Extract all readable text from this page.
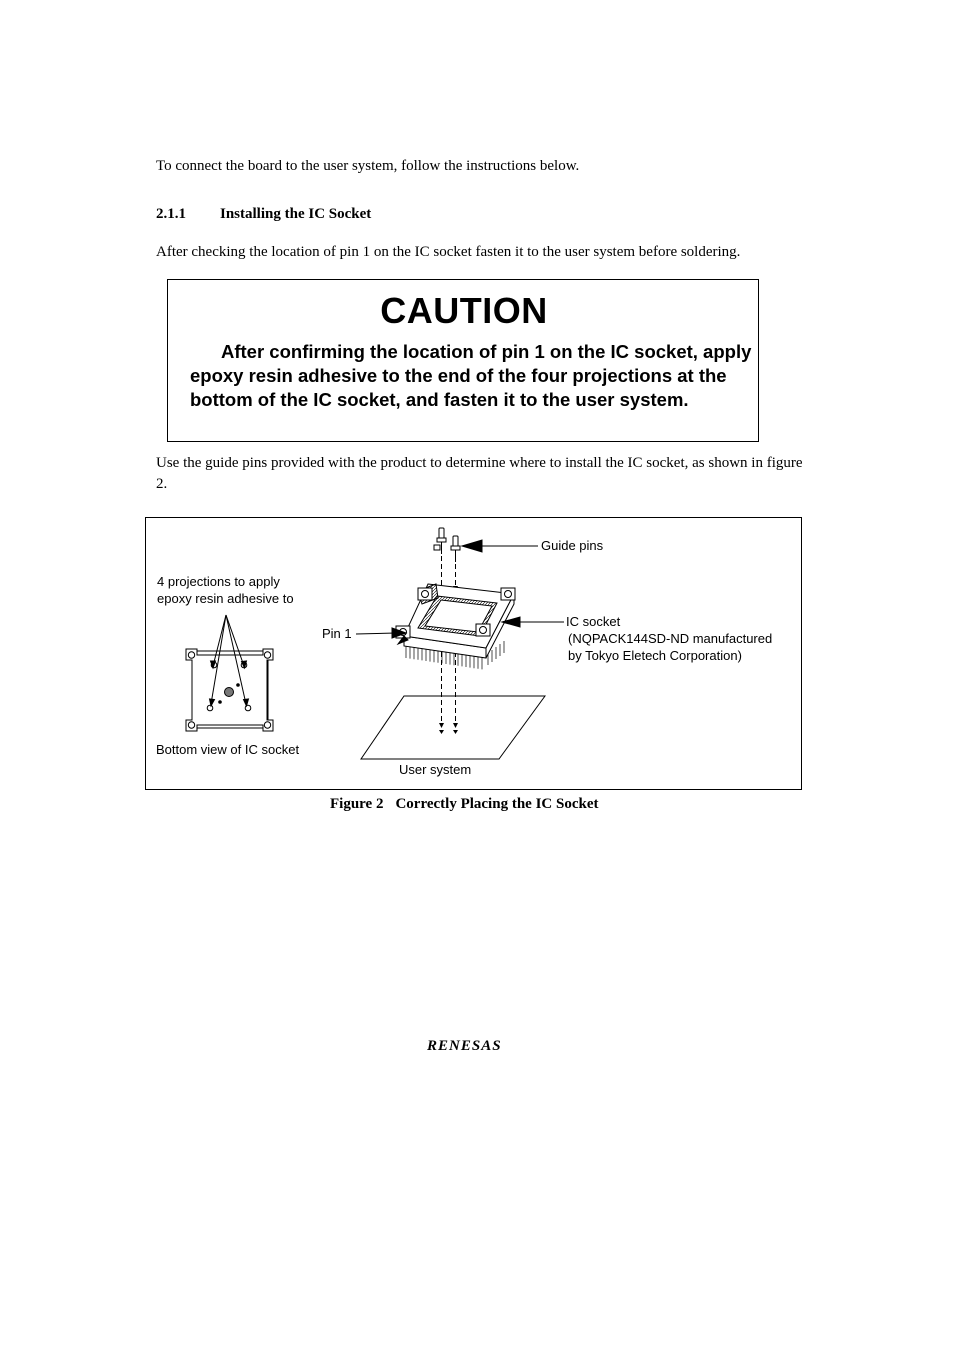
To connect the board to the user system, follow the instructions below.
2.1.1 Installing the IC Socket
After checking the location of pin 1 on the IC socket fasten it to the user system before soldering.
CAUTION
After confirming the location of pin 1 on the IC socket, apply epoxy resin adhesive to the end of the four projections at the bottom of the IC socket, and fasten it to the user system.
Use the guide pins provided with the product to determine where to install the IC socket, as shown in figure 2.
Guide pins
4 projections to apply
epoxy resin adhesive to
Pin 1
IC socket
(NQPACK144SD-ND manufactured
by Tokyo Eletech Corporation)
Bottom view of IC socket
User system
Figure 2 Correctly Placing the IC Socket
RENESAS
